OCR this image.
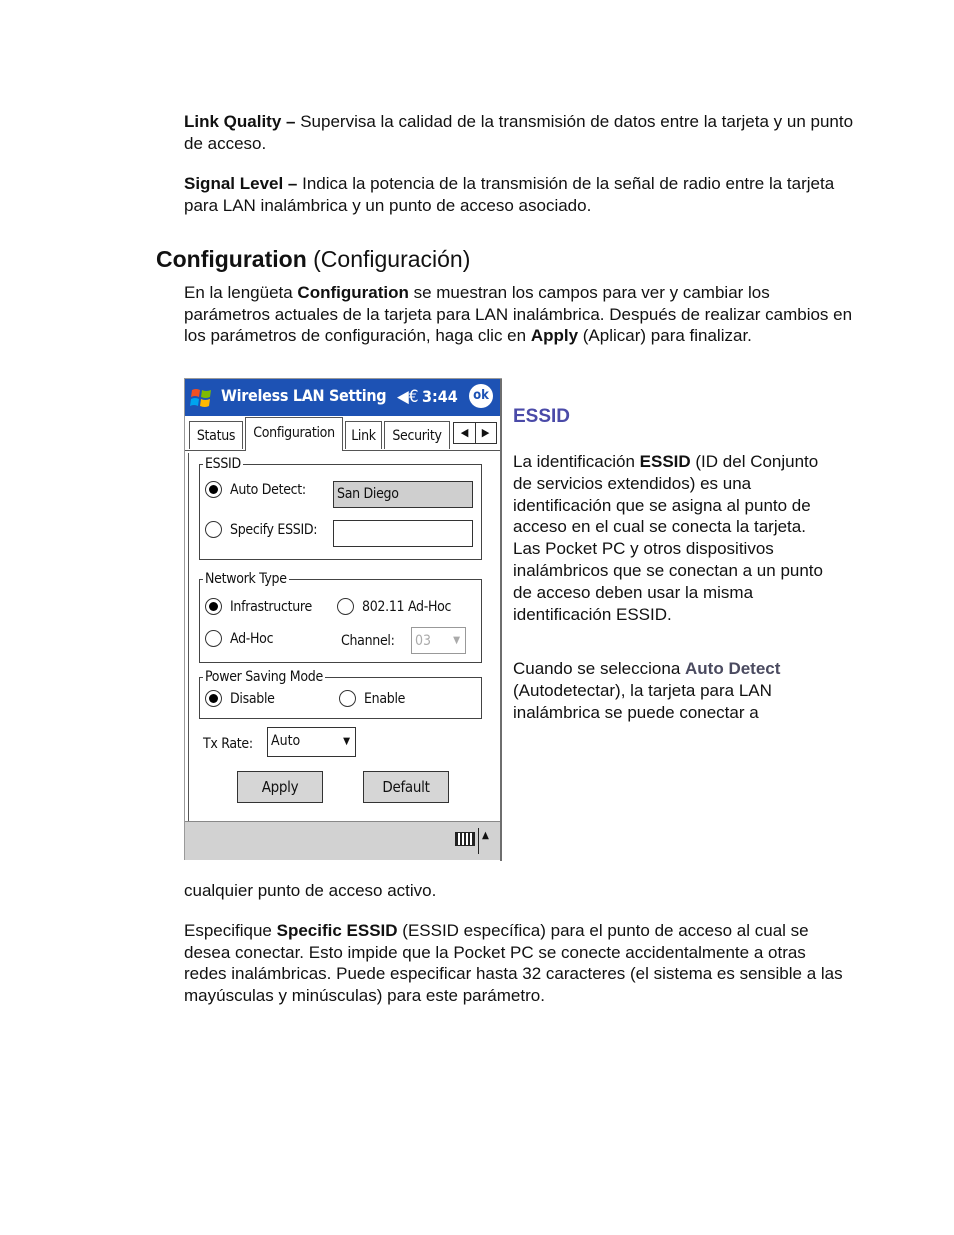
Link Quality – Supervisa la calidad de la transmisión de datos entre la tarjeta y un punto de acceso.

Signal Level – Indica la potencia de la transmisión de la señal de radio entre la tarjeta para LAN inalámbrica y un punto de acceso asociado.

Configuration (Configuración)

En la lengüeta Configuration se muestran los campos para ver y cambiar los parámetros actuales de la tarjeta para LAN inalámbrica. Después de realizar cambios en los parámetros de configuración, haga clic en Apply (Aplicar) para finalizar.

Wireless LAN Setting ◀€ 3:44	ok
Status	Configuration	Link	Security	◀	▶
ESSID
Auto Detect: San Diego
Specify ESSID:
Network Type
Infrastructure	802.11 Ad-Hoc
Ad-Hoc	Channel: 03 ▼
Power Saving Mode
Disable	Enable
Tx Rate: Auto	▼
Apply	Default
▲
ESSID

La identificación ESSID (ID del Conjunto de servicios extendidos) es una identificación que se asigna al punto de acceso en el cual se conecta la tarjeta. Las Pocket PC y otros dispositivos inalámbricos que se conectan a un punto de acceso deben usar la misma identificación ESSID.

Cuando se selecciona Auto Detect (Autodetectar), la tarjeta para LAN inalámbrica se puede conectar a

cualquier punto de acceso activo.

Especifique Specific ESSID (ESSID específica) para el punto de acceso al cual se desea conectar. Esto impide que la Pocket PC se conecte accidentalmente a otras redes inalámbricas. Puede especificar hasta 32 caracteres (el sistema es sensible a las mayúsculas y minúsculas) para este parámetro.
